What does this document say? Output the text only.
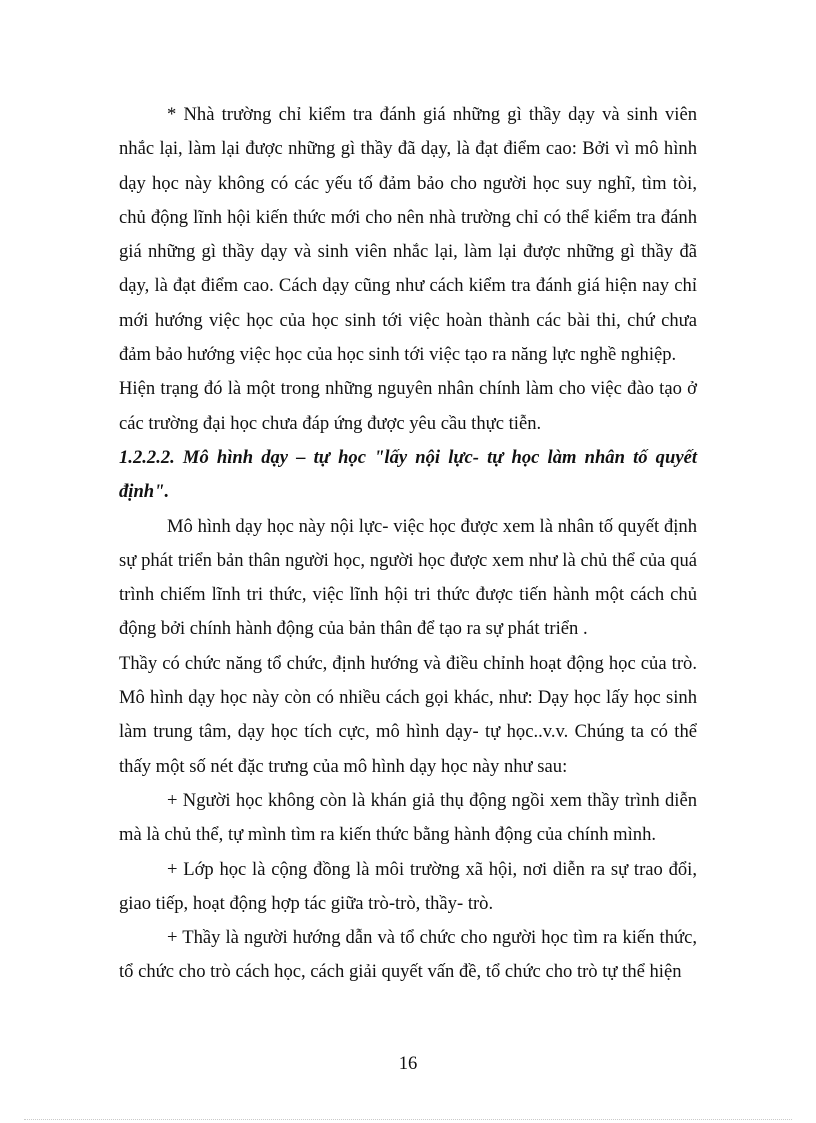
* Nhà trường chỉ kiểm tra đánh giá những gì thầy dạy và sinh viên nhắc lại, làm lại được những gì thầy đã dạy, là đạt điểm cao: Bởi vì mô hình dạy học này không có các yếu tố đảm bảo cho người học suy nghĩ, tìm tòi, chủ động lĩnh hội kiến thức mới cho nên nhà trường chỉ có thể kiểm tra đánh giá những gì thầy dạy và sinh viên nhắc lại, làm lại được những gì thầy đã dạy, là đạt điểm cao. Cách dạy cũng như cách kiểm tra đánh giá hiện nay chỉ mới hướng việc học của học sinh tới việc hoàn thành các bài thi, chứ chưa đảm bảo hướng việc học của học sinh tới việc tạo ra năng lực nghề nghiệp.

Hiện trạng đó là một trong những nguyên nhân chính làm cho việc đào tạo ở các trường đại học chưa đáp ứng được yêu cầu thực tiễn.

1.2.2.2. Mô hình dạy – tự học "lấy nội lực- tự học làm nhân tố quyết định".

Mô hình dạy học này nội lực- việc học được xem là nhân tố quyết định sự phát triển bản thân người học, người học được xem như là chủ thể của quá trình chiếm lĩnh tri thức, việc lĩnh hội tri thức được tiến hành một cách chủ động bởi chính hành động của bản thân để tạo ra sự phát triển .

Thầy có chức năng tổ chức, định hướng và điều chỉnh hoạt động học của trò. Mô hình dạy học này còn có nhiều cách gọi khác, như: Dạy học lấy học sinh làm trung tâm, dạy học tích cực, mô hình dạy- tự học..v.v. Chúng ta có thể thấy một số nét đặc trưng của mô hình dạy học này như sau:

+ Người học không còn là khán giả thụ động ngồi xem thầy trình diễn mà là chủ thể, tự mình tìm ra kiến thức bằng hành động của chính mình.

+ Lớp học là cộng đồng là môi trường xã hội, nơi diễn ra sự trao đổi, giao tiếp, hoạt động hợp tác giữa trò-trò, thầy- trò.

+ Thầy là người hướng dẫn và tổ chức cho người học tìm ra kiến thức, tổ chức cho trò cách học, cách giải quyết vấn đề, tổ chức cho trò tự thể hiện

16
